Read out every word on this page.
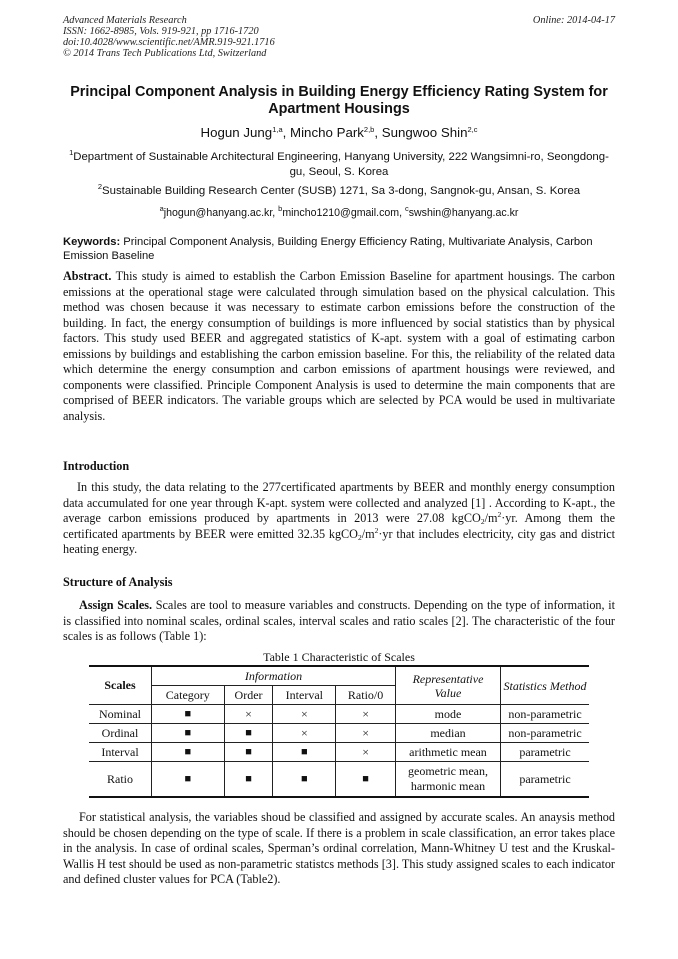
Advanced Materials Research
ISSN: 1662-8985, Vols. 919-921, pp 1716-1720
doi:10.4028/www.scientific.net/AMR.919-921.1716
© 2014 Trans Tech Publications Ltd, Switzerland
Online: 2014-04-17
Principal Component Analysis in Building Energy Efficiency Rating System for Apartment Housings
Hogun Jung$^{1,a}$, Mincho Park$^{2,b}$, Sungwoo Shin$^{2,c}$
$^1$Department of Sustainable Architectural Engineering, Hanyang University, 222 Wangsimni-ro, Seongdong-gu, Seoul, S. Korea
$^2$Sustainable Building Research Center (SUSB) 1271, Sa 3-dong, Sangnok-gu, Ansan, S. Korea
$^a$jhogun@hanyang.ac.kr, $^b$mincho1210@gmail.com, $^c$swshin@hanyang.ac.kr
Keywords: Principal Component Analysis, Building Energy Efficiency Rating, Multivariate Analysis, Carbon Emission Baseline
Abstract. This study is aimed to establish the Carbon Emission Baseline for apartment housings. The carbon emissions at the operational stage were calculated through simulation based on the physical calculation. This method was chosen because it was necessary to estimate carbon emissions before the construction of the building. In fact, the energy consumption of buildings is more influenced by social statistics than by physical factors. This study used BEER and aggregated statistics of K-apt. system with a goal of estimating carbon emissions by buildings and establishing the carbon emission baseline. For this, the reliability of the related data which determine the energy consumption and carbon emissions of apartment housings were reviewed, and components were classified. Principle Component Analysis is used to determine the main components that are comprised of BEER indicators. The variable groups which are selected by PCA would be used in multivariate analysis.
Introduction
In this study, the data relating to the 277certificated apartments by BEER and monthly energy consumption data accumulated for one year through K-apt. system were collected and analyzed [1] . According to K-apt., the average carbon emissions produced by apartments in 2013 were 27.08 $kgCO_2/m^2\cdot yr$. Among them the certificated apartments by BEER were emitted 32.35 $kgCO_2/m^2\cdot yr$ that includes electricity, city gas and district heating energy.
Structure of Analysis
Assign Scales. Scales are tool to measure variables and constructs. Depending on the type of information, it is classified into nominal scales, ordinal scales, interval scales and ratio scales [2]. The characteristic of the four scales is as follows (Table 1):
Table 1 Characteristic of Scales
Scales	Information				Representative Value	Statistics Method
	Category	Order	Interval	Ratio/0		
Nominal	■	×	×	×	mode	non-parametric
Ordinal	■	■	×	×	median	non-parametric
Interval	■	■	■	×	arithmetic mean	parametric
Ratio	■	■	■	■	geometric mean, harmonic mean	parametric
For statistical analysis, the variables shoud be classified and assigned by accurate scales. An anaysis method should be chosen depending on the type of scale. If there is a problem in scale classification, an error takes place in the analysis. In case of ordinal scales, Sperman’s ordinal correlation, Mann-Whitney U test and the Kruskal-Wallis H test should be used as non-parametric statistcs methods [3]. This study assigned scales to each indicator and defined cluster values for PCA (Table2).
